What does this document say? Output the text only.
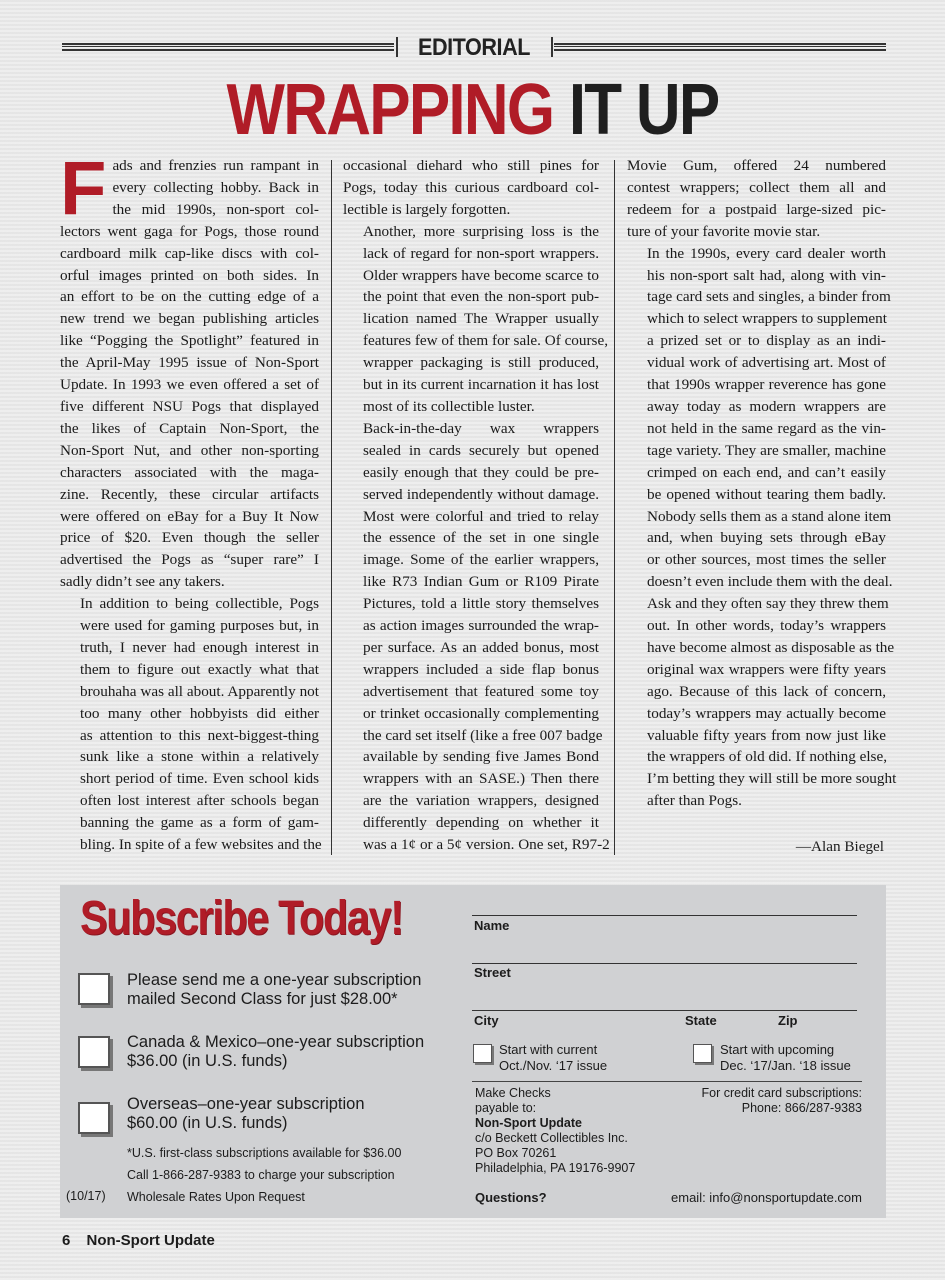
EDITORIAL
WRAPPING IT UP

F ads and frenzies run rampant in
every collecting hobby. Back in
the mid 1990s, non-sport col-
lectors went gaga for Pogs, those round
cardboard milk cap-like discs with col-
orful images printed on both sides. In
an effort to be on the cutting edge of a
new trend we began publishing articles
like “Pogging the Spotlight” featured in
the April-May 1995 issue of Non-Sport
Update. In 1993 we even offered a set of
five different NSU Pogs that displayed
the likes of Captain Non-Sport, the
Non-Sport Nut, and other non-sporting
characters associated with the maga-
zine. Recently, these circular artifacts
were offered on eBay for a Buy It Now
price of $20. Even though the seller
advertised the Pogs as “super rare” I
sadly didn’t see any takers.

In addition to being collectible, Pogs
were used for gaming purposes but, in
truth, I never had enough interest in
them to figure out exactly what that
brouhaha was all about. Apparently not
too many other hobbyists did either
as attention to this next-biggest-thing
sunk like a stone within a relatively
short period of time. Even school kids
often lost interest after schools began
banning the game as a form of gam-
bling. In spite of a few websites and the

occasional diehard who still pines for
Pogs, today this curious cardboard col-
lectible is largely forgotten.

Another, more surprising loss is the
lack of regard for non-sport wrappers.
Older wrappers have become scarce to
the point that even the non-sport pub-
lication named The Wrapper usually
features few of them for sale. Of course,
wrapper packaging is still produced,
but in its current incarnation it has lost
most of its collectible luster.

Back-in-the-day wax wrappers
sealed in cards securely but opened
easily enough that they could be pre-
served independently without damage.
Most were colorful and tried to relay
the essence of the set in one single
image. Some of the earlier wrappers,
like R73 Indian Gum or R109 Pirate
Pictures, told a little story themselves
as action images surrounded the wrap-
per surface. As an added bonus, most
wrappers included a side flap bonus
advertisement that featured some toy
or trinket occasionally complementing
the card set itself (like a free 007 badge
available by sending five James Bond
wrappers with an SASE.) Then there
are the variation wrappers, designed
differently depending on whether it
was a 1¢ or a 5¢ version. One set, R97-2

Movie Gum, offered 24 numbered
contest wrappers; collect them all and
redeem for a postpaid large-sized pic-
ture of your favorite movie star.

In the 1990s, every card dealer worth
his non-sport salt had, along with vin-
tage card sets and singles, a binder from
which to select wrappers to supplement
a prized set or to display as an indi-
vidual work of advertising art. Most of
that 1990s wrapper reverence has gone
away today as modern wrappers are
not held in the same regard as the vin-
tage variety. They are smaller, machine
crimped on each end, and can’t easily
be opened without tearing them badly.
Nobody sells them as a stand alone item
and, when buying sets through eBay
or other sources, most times the seller
doesn’t even include them with the deal.
Ask and they often say they threw them
out. In other words, today’s wrappers
have become almost as disposable as the
original wax wrappers were fifty years
ago. Because of this lack of concern,
today’s wrappers may actually become
valuable fifty years from now just like
the wrappers of old did. If nothing else,
I’m betting they will still be more sought
after than Pogs.

—Alan Biegel
Subscribe Today!
Please send me a one-year subscription
mailed Second Class for just $28.00*
Canada & Mexico–one-year subscription
$36.00 (in U.S. funds)
Overseas–one-year subscription
$60.00 (in U.S. funds)
*U.S. first-class subscriptions available for $36.00
Call 1-866-287-9383 to charge your subscription
Wholesale Rates Upon Request
(10/17)
Name
Street
City	State	Zip
Start with current
Oct./Nov. ‘17 issue
Start with upcoming
Dec. ‘17/Jan. ‘18 issue
Make Checks
payable to:
Non-Sport Update
c/o Beckett Collectibles Inc.
PO Box 70261
Philadelphia, PA 19176-9907
For credit card subscriptions:
Phone: 866/287-9383
Questions?	email: info@nonsportupdate.com
6 Non-Sport Update
